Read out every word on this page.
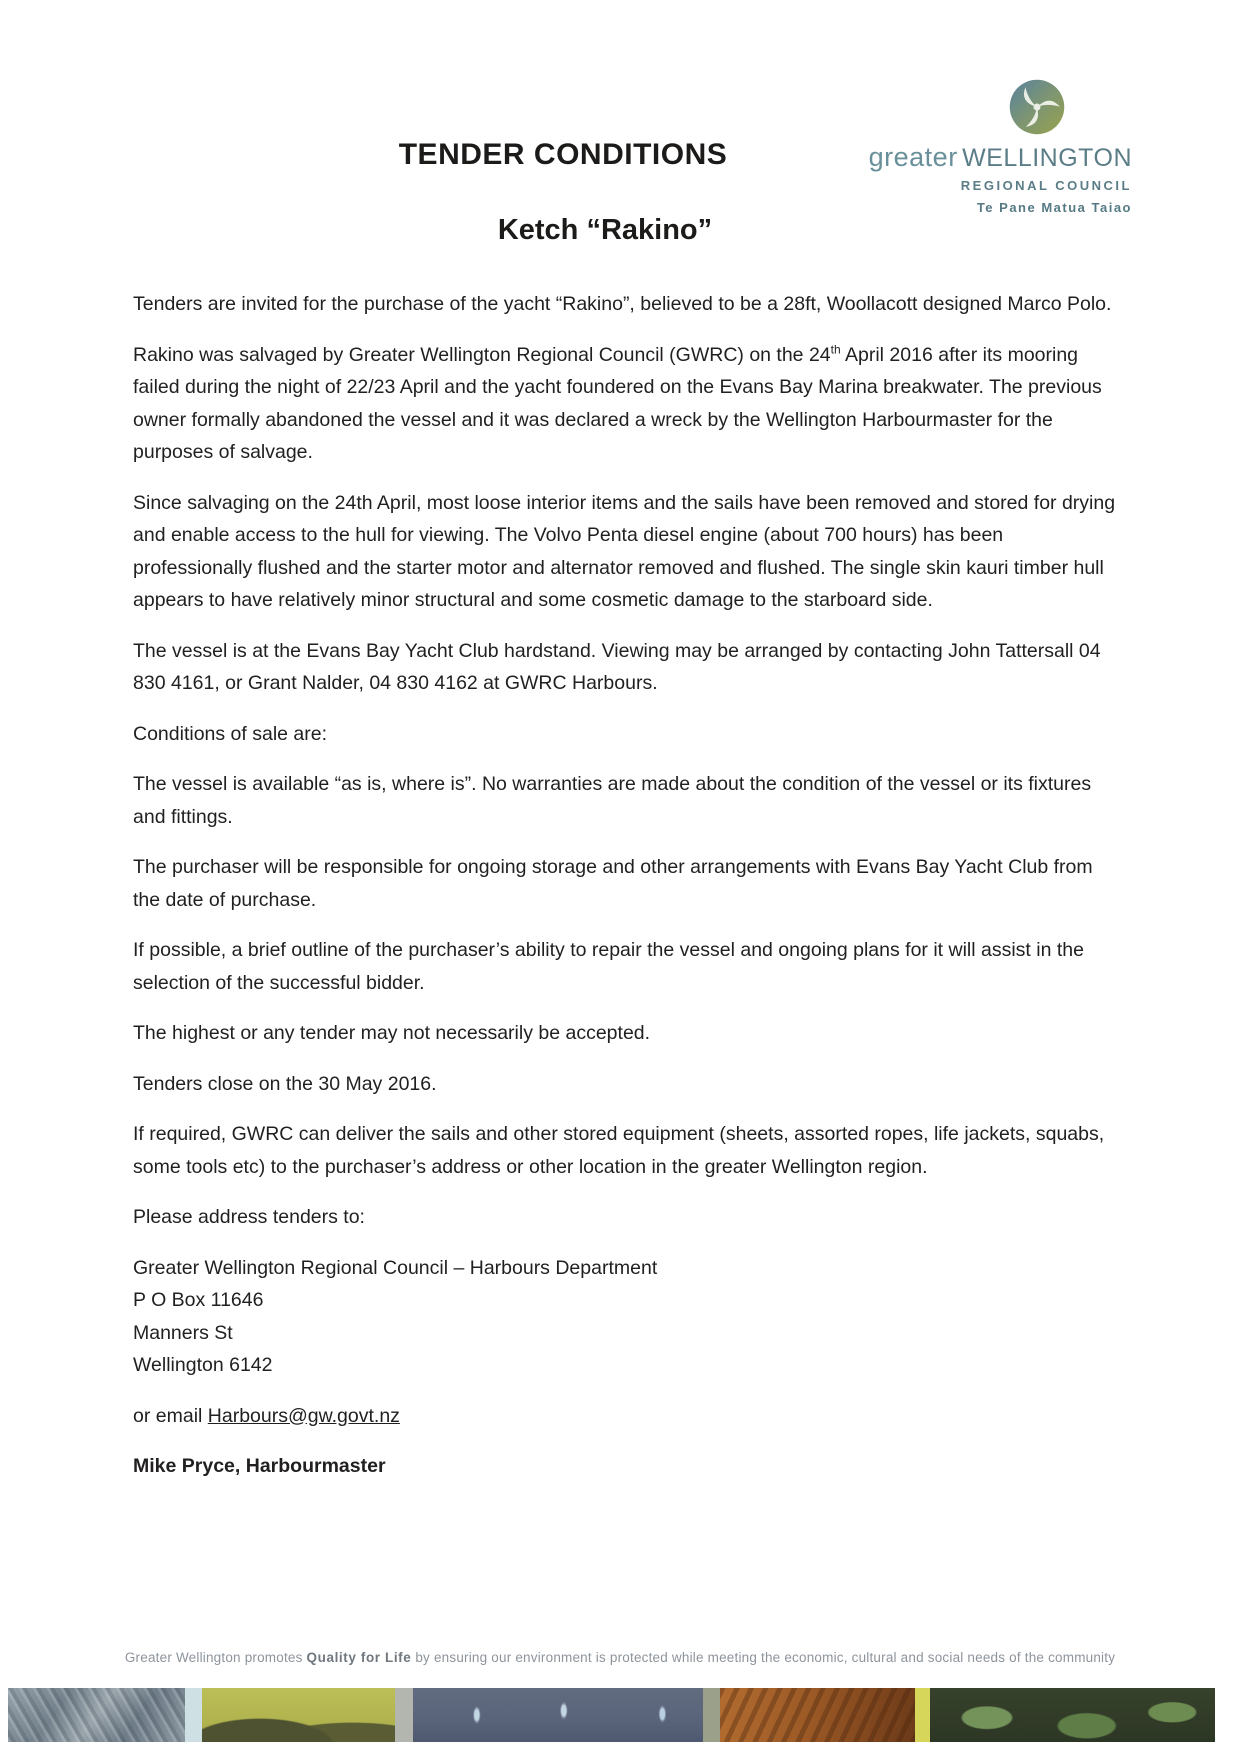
TENDER CONDITIONS
Ketch “Rakino”
greater WELLINGTON
REGIONAL COUNCIL
Te Pane Matua Taiao

Tenders are invited for the purchase of the yacht “Rakino”, believed to be a 28ft, Woollacott designed Marco Polo.

Rakino was salvaged by Greater Wellington Regional Council (GWRC) on the 24th April 2016 after its mooring failed during the night of 22/23 April and the yacht foundered on the Evans Bay Marina breakwater. The previous owner formally abandoned the vessel and it was declared a wreck by the Wellington Harbourmaster for the purposes of salvage.

Since salvaging on the 24th April, most loose interior items and the sails have been removed and stored for drying and enable access to the hull for viewing. The Volvo Penta diesel engine (about 700 hours) has been professionally flushed and the starter motor and alternator removed and flushed. The single skin kauri timber hull appears to have relatively minor structural and some cosmetic damage to the starboard side.

The vessel is at the Evans Bay Yacht Club hardstand. Viewing may be arranged by contacting John Tattersall 04 830 4161, or Grant Nalder, 04 830 4162 at GWRC Harbours.

Conditions of sale are:

The vessel is available “as is, where is”. No warranties are made about the condition of the vessel or its fixtures and fittings.

The purchaser will be responsible for ongoing storage and other arrangements with Evans Bay Yacht Club from the date of purchase.

If possible, a brief outline of the purchaser’s ability to repair the vessel and ongoing plans for it will assist in the selection of the successful bidder.

The highest or any tender may not necessarily be accepted.

Tenders close on the 30 May 2016.

If required, GWRC can deliver the sails and other stored equipment (sheets, assorted ropes, life jackets, squabs, some tools etc) to the purchaser’s address or other location in the greater Wellington region.

Please address tenders to:

Greater Wellington Regional Council – Harbours Department
P O Box 11646
Manners St
Wellington 6142

or email Harbours@gw.govt.nz

Mike Pryce, Harbourmaster

Greater Wellington promotes Quality for Life by ensuring our environment is protected while meeting the economic, cultural and social needs of the community
